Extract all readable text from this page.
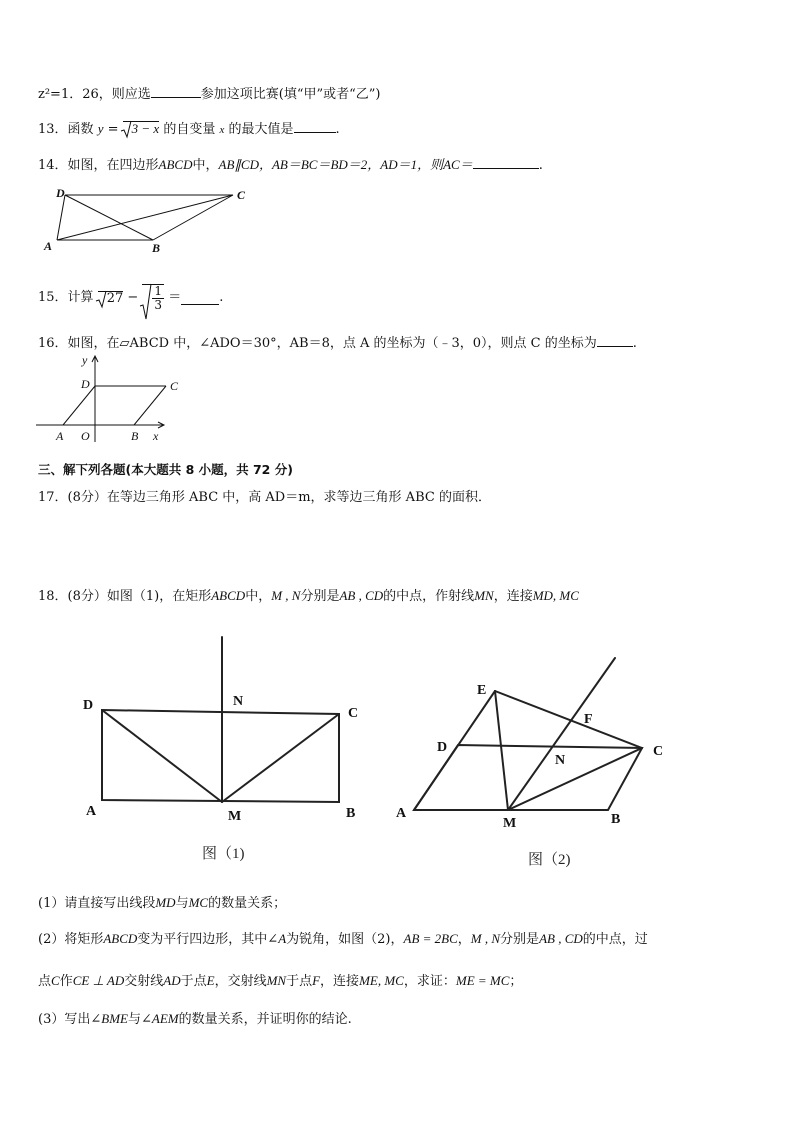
z²=1．26，则应选	参加这项比赛(填“甲”或者“乙”)
13．函数 y =
3 − x 的自变量 x 的最大值是	.
14．如图，在四边形ABCD中，AB∥CD，AB＝BC＝BD＝2，AD＝1，则AC＝	.
D	C
A	B
15．计算 $27 - \frac{1}{3}$ ＝	.
16．如图，在▱ABCD 中，∠ADO＝30°，AB＝8，点 A 的坐标为（﹣3，0），则点 C 的坐标为	.
y
D	C
A O	B x
三、解下列各题(本大题共 8 小题，共 72 分)
17．(8分）在等边三角形 ABC 中，高 AD＝m，求等边三角形 ABC 的面积．
18．(8分）如图（1)，在矩形ABCD中，M , N分别是AB , CD的中点，作射线MN，连接MD, MC
D	N
C
A	M	B
图（1)
E
F
D
N
C
A
M	B
图（2)
(1）请直接写出线段MD与MC的数量关系；
(2）将矩形ABCD变为平行四边形，其中∠A为锐角，如图（2)，AB = 2BC，M , N分别是AB , CD的中点，过
点C作CE ⊥ AD交射线AD于点E，交射线MN于点F，连接ME, MC，求证：ME = MC；
(3）写出∠BME与∠AEM的数量关系，并证明你的结论.
